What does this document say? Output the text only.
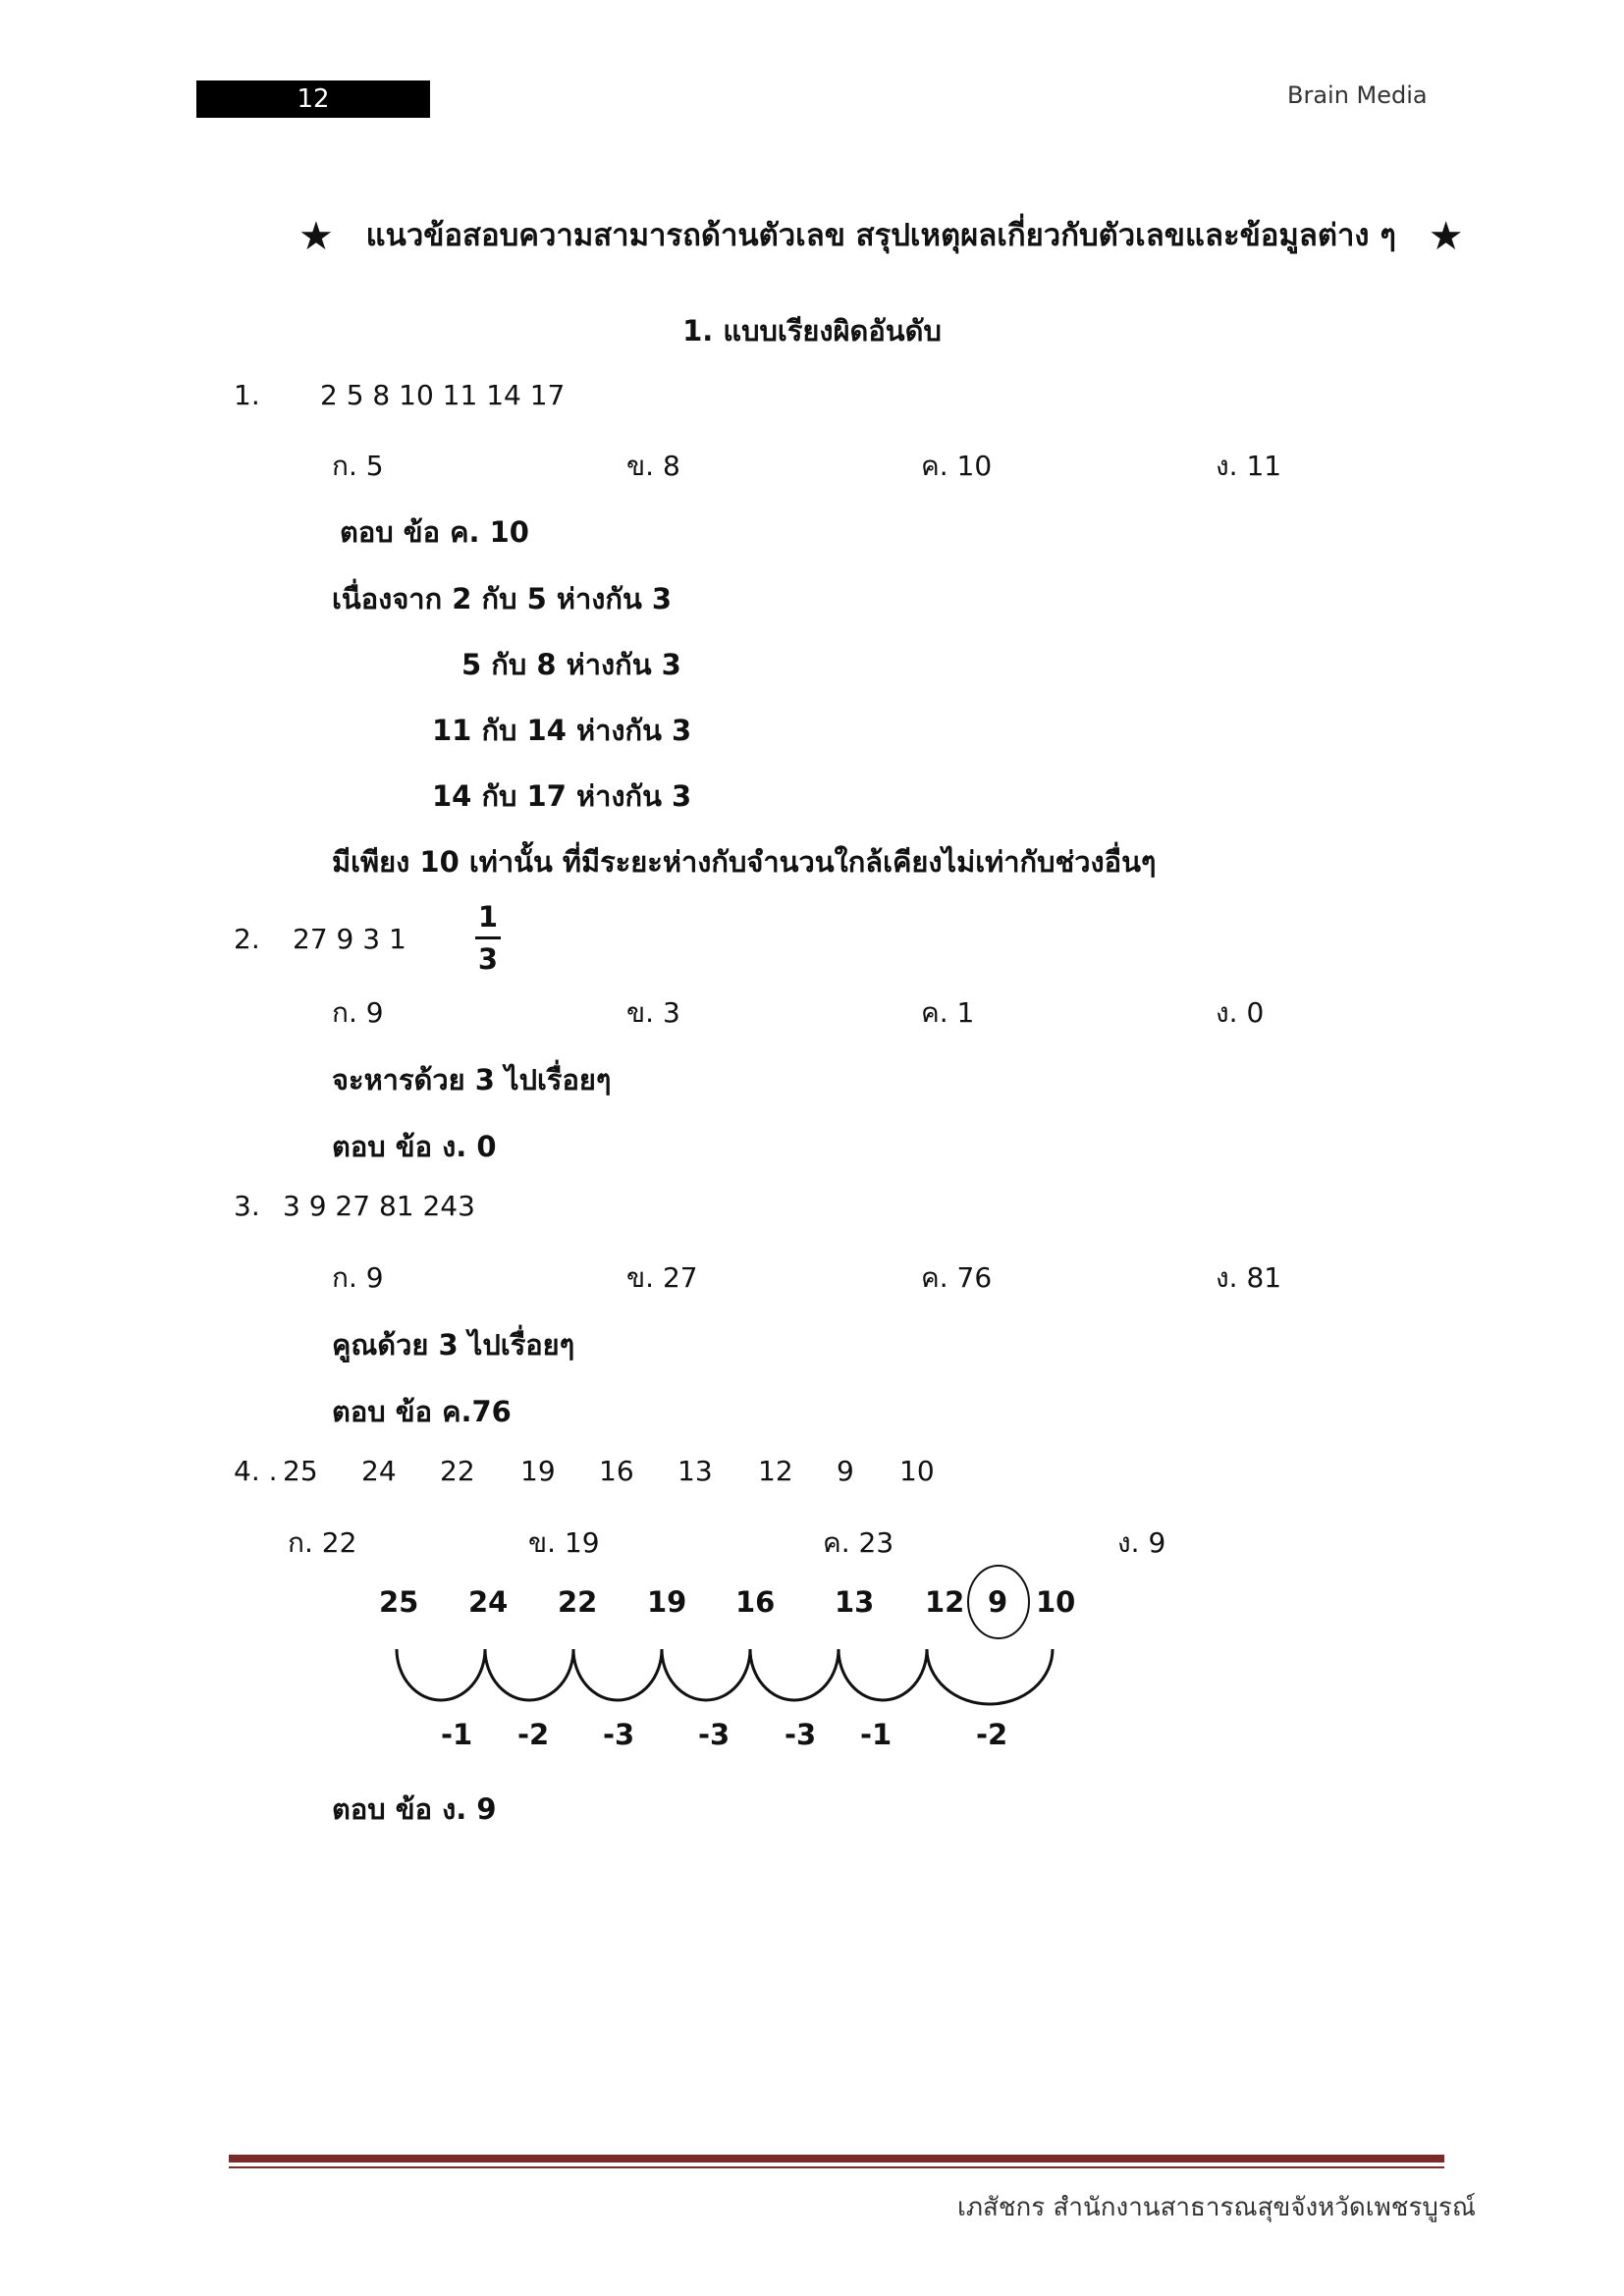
12	Brain Media
★ แนวข้อสอบความสามารถด้านตัวเลข สรุปเหตุผลเกี่ยวกับตัวเลขและข้อมูลต่าง ๆ ★
1. แบบเรียงผิดอันดับ
1. 2 5 8 10 11 14 17
ก. 5	ข. 8	ค. 10	ง. 11
ตอบ ข้อ ค. 10
เนื่องจาก 2 กับ 5 ห่างกัน 3
5 กับ 8 ห่างกัน 3
11 กับ 14 ห่างกัน 3
14 กับ 17 ห่างกัน 3
มีเพียง 10 เท่านั้น ที่มีระยะห่างกับจำนวนใกล้เคียงไม่เท่ากับช่วงอื่นๆ
2. 27 9 3 1
1
3
ก. 9	ข. 3	ค. 1	ง. 0
จะหารด้วย 3 ไปเรื่อยๆ
ตอบ ข้อ ง. 0
3. 3 9 27 81 243
ก. 9	ข. 27	ค. 76	ง. 81
คูณด้วย 3 ไปเรื่อยๆ
ตอบ ข้อ ค.76
4. . 25 24 22 19 16 13 12 9 10
ก. 22	ข. 19	ค. 23	ง. 9
25 24 22 19 16 13 12 9 10
-1 -2 -3 -3 -3 -1	-2
ตอบ ข้อ ง. 9
เภสัชกร สำนักงานสาธารณสุขจังหวัดเพชรบูรณ์
